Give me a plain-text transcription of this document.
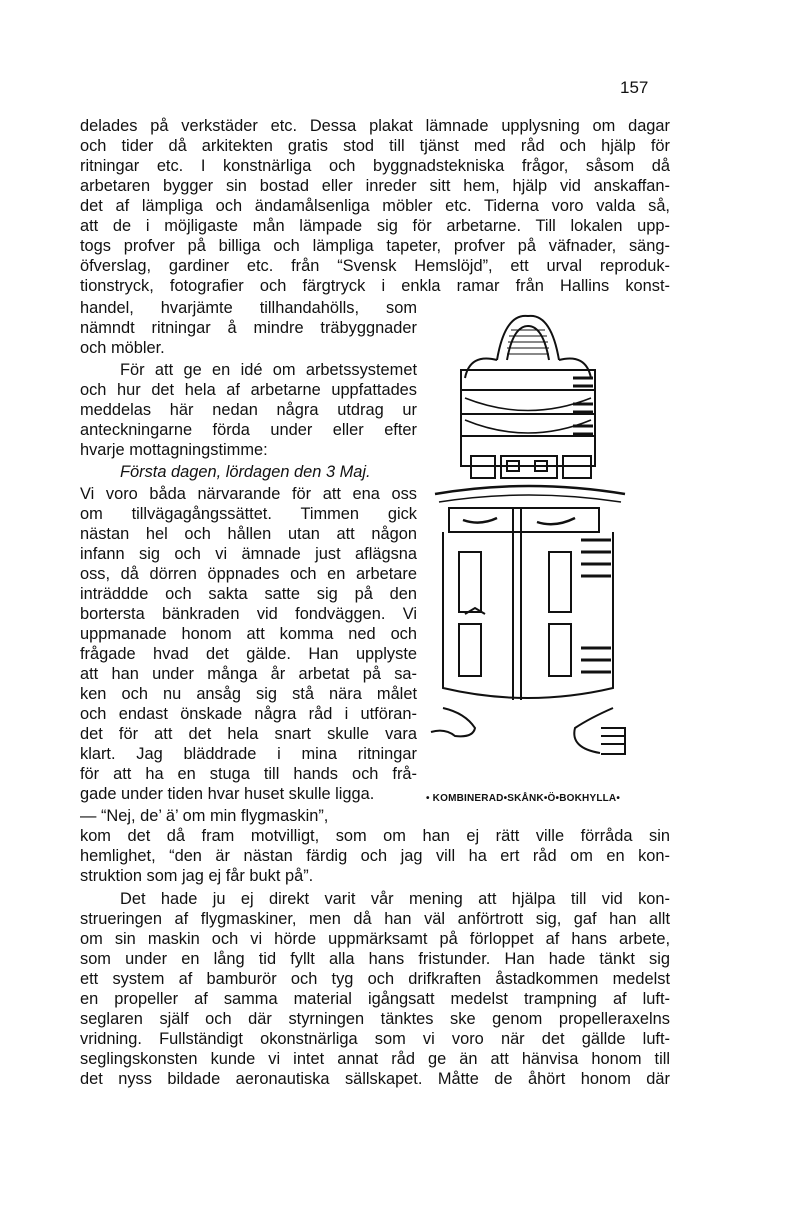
157
delades på verkstäder etc. Dessa plakat lämnade upplysning om dagar
och tider då arkitekten gratis stod till tjänst med råd och hjälp för
ritningar etc. I konstnärliga och byggnadstekniska frågor, såsom då
arbetaren bygger sin bostad eller inreder sitt hem, hjälp vid anskaffan-
det af lämpliga och ändamålsenliga möbler etc. Tiderna voro valda så,
att de i möjligaste mån lämpade sig för arbetarne. Till lokalen upp-
togs profver på billiga och lämpliga tapeter, profver på väfnader, säng-
öfverslag, gardiner etc. från “Svensk Hemslöjd”, ett urval reproduk-
tionstryck, fotografier och färgtryck i enkla ramar från Hallins konst-
handel, hvarjämte tillhandahölls, som
nämndt ritningar å mindre träbyggnader
och möbler.
För att ge en idé om arbetssystemet
och hur det hela af arbetarne uppfattades
meddelas här nedan några utdrag ur
anteckningarne förda under eller efter
hvarje mottagningstimme:
Första dagen, lördagen den 3 Maj.
Vi voro båda närvarande för att ena oss
om tillvägagångssättet. Timmen gick
nästan hel och hållen utan att någon
infann sig och vi ämnade just aflägsna
oss, då dörren öppnades och en arbetare
inträddde och sakta satte sig på den
bortersta bänkraden vid fondväggen. Vi
uppmanade honom att komma ned och
frågade hvad det gälde. Han upplyste
att han under många år arbetat på sa-
ken och nu ansåg sig stå nära målet
och endast önskade några råd i utföran-
det för att det hela snart skulle vara
klart. Jag bläddrade i mina ritningar
för att ha en stuga till hands och frå-
gade under tiden hvar huset skulle ligga.	• KOMBINERAD•SKÅNK•Ö•BOKHYLLA•
— “Nej, de’ ä’ om min flygmaskin”,
kom det då fram motvilligt, som om han ej rätt ville förråda sin
hemlighet, “den är nästan färdig och jag vill ha ert råd om en kon-
struktion som jag ej får bukt på”.
Det hade ju ej direkt varit vår mening att hjälpa till vid kon-
strueringen af flygmaskiner, men då han väl anförtrott sig, gaf han allt
om sin maskin och vi hörde uppmärksamt på förloppet af hans arbete,
som under en lång tid fyllt alla hans fristunder. Han hade tänkt sig
ett system af bamburör och tyg och drifkraften åstadkommen medelst
en propeller af samma material igångsatt medelst trampning af luft-
seglaren själf och där styrningen tänktes ske genom propelleraxelns
vridning. Fullständigt okonstnärliga som vi voro när det gällde luft-
seglingskonsten kunde vi intet annat råd ge än att hänvisa honom till
det nyss bildade aeronautiska sällskapet. Måtte de åhört honom där
